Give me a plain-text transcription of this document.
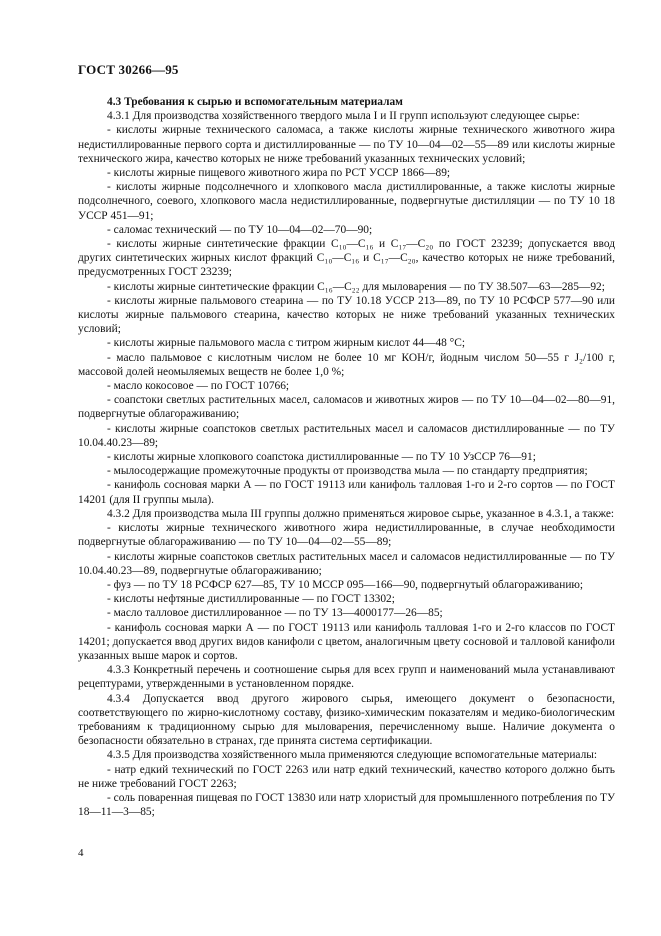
ГОСТ 30266—95

4.3 Требования к сырью и вспомогательным материалам

4.3.1 Для производства хозяйственного твердого мыла I и II групп используют следующее сырье:

- кислоты жирные технического саломаса, а также кислоты жирные технического животного жира недистиллированные первого сорта и дистиллированные — по ТУ 10—04—02—55—89 или кислоты жирные технического жира, качество которых не ниже требований указанных технических условий;

- кислоты жирные пищевого животного жира по РСТ УССР 1866—89;

- кислоты жирные подсолнечного и хлопкового масла дистиллированные, а также кислоты жирные подсолнечного, соевого, хлопкового масла недистиллированные, подвергнутые дистилляции — по ТУ 10 18 УССР 451—91;

- саломас технический — по ТУ 10—04—02—70—90;

- кислоты жирные синтетические фракции C₁₀—C₁₆ и C₁₇—C₂₀ по ГОСТ 23239; допускается ввод других синтетических жирных кислот фракций C₁₀—C₁₆ и C₁₇—C₂₀, качество которых не ниже требований, предусмотренных ГОСТ 23239;

- кислоты жирные синтетические фракции C₁₆—C₂₂ для мыловарения — по ТУ 38.507—63—285—92;

- кислоты жирные пальмового стеарина — по ТУ 10.18 УССР 213—89, по ТУ 10 РСФСР 577—90 или кислоты жирные пальмового стеарина, качество которых не ниже требований указанных технических условий;

- кислоты жирные пальмового масла с титром жирным кислот 44—48 °С;

- масло пальмовое с кислотным числом не более 10 мг КОН/г, йодным числом 50—55 г J₂/100 г, массовой долей неомыляемых веществ не более 1,0 %;

- масло кокосовое — по ГОСТ 10766;

- соапстоки светлых растительных масел, саломасов и животных жиров — по ТУ 10—04—02—80—91, подвергнутые облагораживанию;

- кислоты жирные соапстоков светлых растительных масел и саломасов дистиллированные — по ТУ 10.04.40.23—89;

- кислоты жирные хлопкового соапстока дистиллированные — по ТУ 10 УзССР 76—91;

- мылосодержащие промежуточные продукты от производства мыла — по стандарту предприятия;

- канифоль сосновая марки А — по ГОСТ 19113 или канифоль талловая 1-го и 2-го сортов — по ГОСТ 14201 (для II группы мыла).

4.3.2 Для производства мыла III группы должно применяться жировое сырье, указанное в 4.3.1, а также:

- кислоты жирные технического животного жира недистиллированные, в случае необходимости подвергнутые облагораживанию — по ТУ 10—04—02—55—89;

- кислоты жирные соапстоков светлых растительных масел и саломасов недистиллированные — по ТУ 10.04.40.23—89, подвергнутые облагораживанию;

- фуз — по ТУ 18 РСФСР 627—85, ТУ 10 МССР 095—166—90, подвергнутый облагораживанию;

- кислоты нефтяные дистиллированные — по ГОСТ 13302;

- масло талловое дистиллированное — по ТУ 13—4000177—26—85;

- канифоль сосновая марки А — по ГОСТ 19113 или канифоль талловая 1-го и 2-го классов по ГОСТ 14201; допускается ввод других видов канифоли с цветом, аналогичным цвету сосновой и талловой канифоли указанных выше марок и сортов.

4.3.3 Конкретный перечень и соотношение сырья для всех групп и наименований мыла устанавливают рецептурами, утвержденными в установленном порядке.

4.3.4 Допускается ввод другого жирового сырья, имеющего документ о безопасности, соответствующего по жирно-кислотному составу, физико-химическим показателям и медико-биологическим требованиям к традиционному сырью для мыловарения, перечисленному выше. Наличие документа о безопасности обязательно в странах, где принята система сертификации.

4.3.5 Для производства хозяйственного мыла применяются следующие вспомогательные материалы:

- натр едкий технический по ГОСТ 2263 или натр едкий технический, качество которого должно быть не ниже требований ГОСТ 2263;

- соль поваренная пищевая по ГОСТ 13830 или натр хлористый для промышленного потребления по ТУ 18—11—3—85;

4
